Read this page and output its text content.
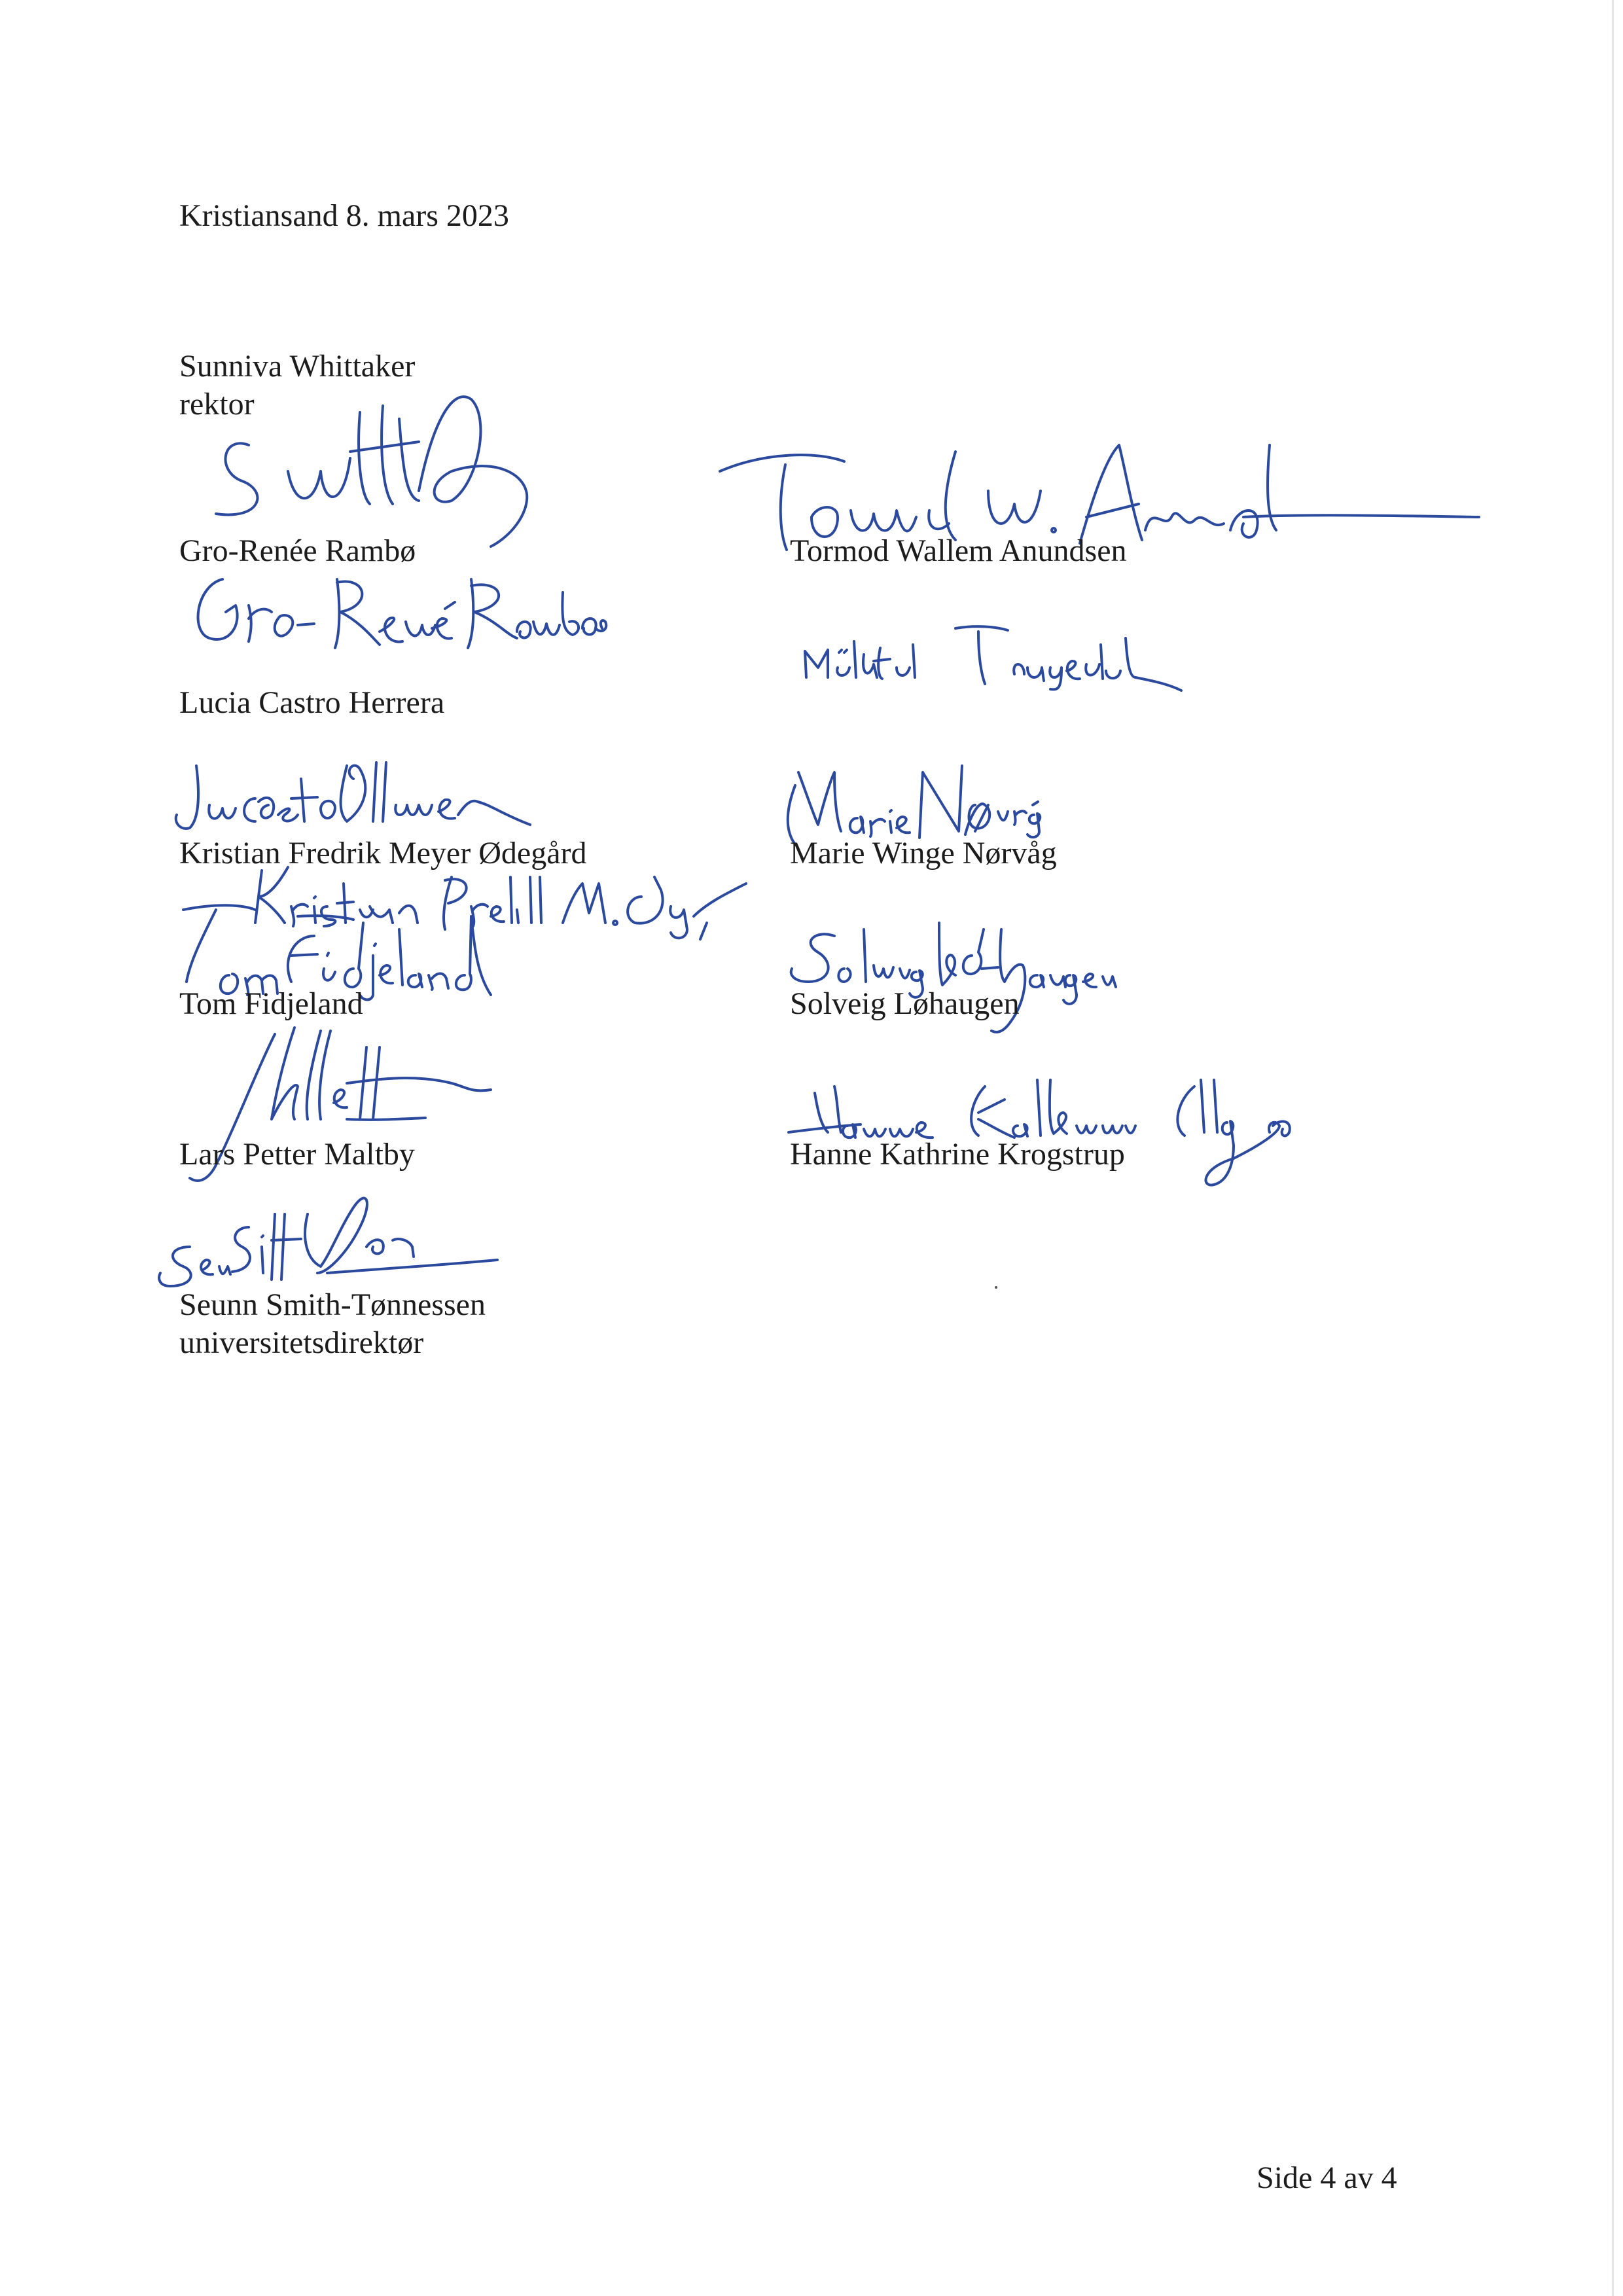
Kristiansand 8. mars 2023

Sunniva Whittaker

rektor

Tormod Wallem Anundsen

Gro-Renée Rambø

Lucia Castro Herrera

Kristian Fredrik Meyer Ødegård	Marie Winge Nørvåg

Tom Fidjeland	Solveig Løhaugen

Lars Petter Maltby	Hanne Kathrine Krogstrup

Seunn Smith-Tønnessen

universitetsdirektør

Side 4 av 4
